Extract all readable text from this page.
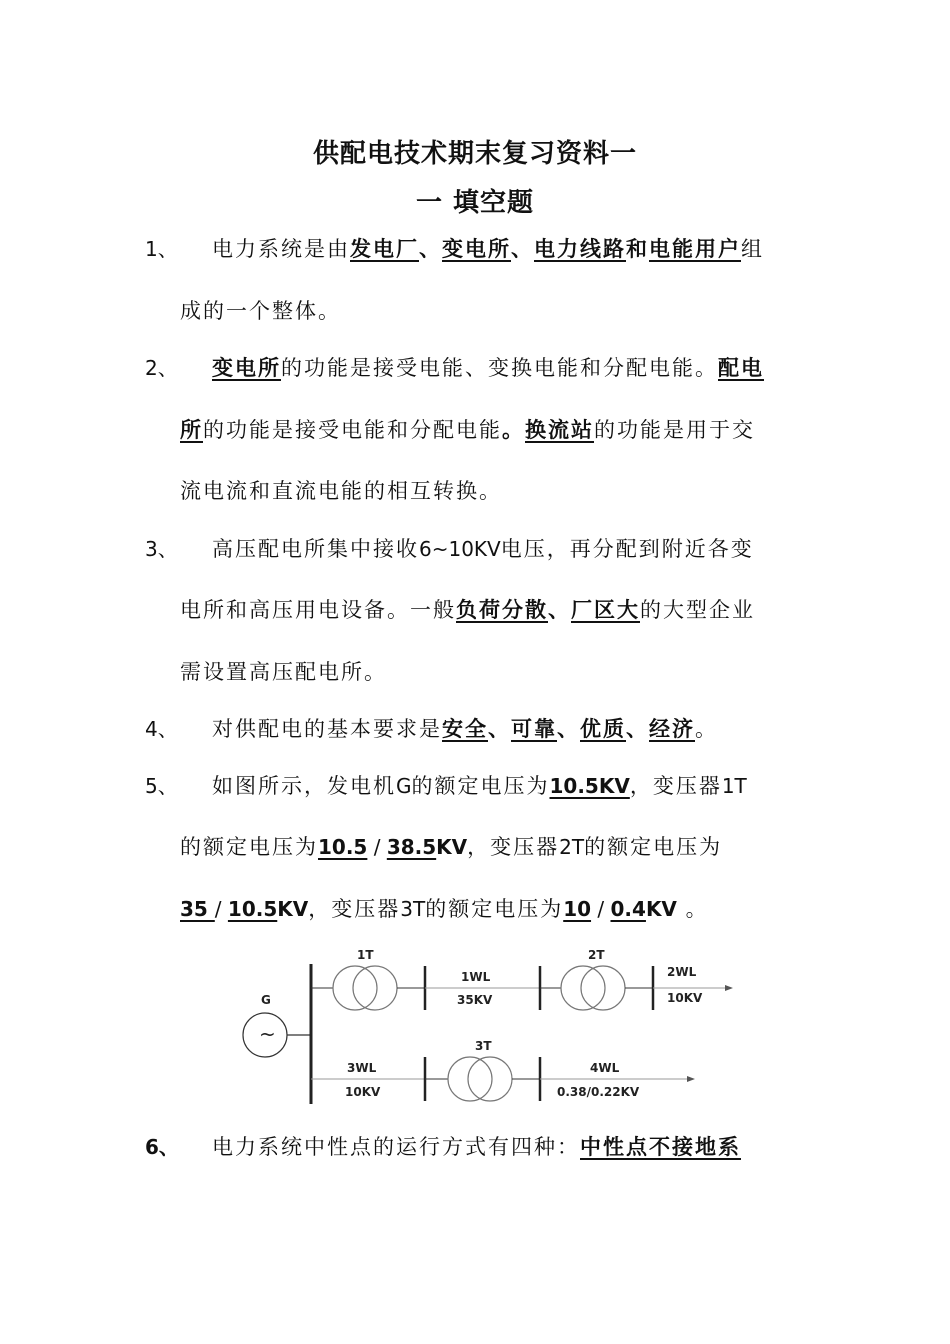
供配电技术期末复习资料一
一 填空题
1、 电力系统是由发电厂、变电所、电力线路和电能用户组
成的一个整体。
2、 变电所的功能是接受电能、变换电能和分配电能。配电
所的功能是接受电能和分配电能。换流站的功能是用于交
流电流和直流电能的相互转换。
3、 高压配电所集中接收6~10KV电压，再分配到附近各变
电所和高压用电设备。一般负荷分散、厂区大的大型企业
需设置高压配电所。
4、 对供配电的基本要求是安全、可靠、优质、经济。
5、 如图所示，发电机G的额定电压为10.5KV，变压器1T
的额定电压为10.5 / 38.5KV，变压器2T的额定电压为
35 / 10.5KV，变压器3T的额定电压为10 / 0.4KV 。
~
G
1T
1WL
35KV
2T
2WL
10KV
3WL
10KV
3T
4WL
0.38/0.22KV
6、 电力系统中性点的运行方式有四种：中性点不接地系
